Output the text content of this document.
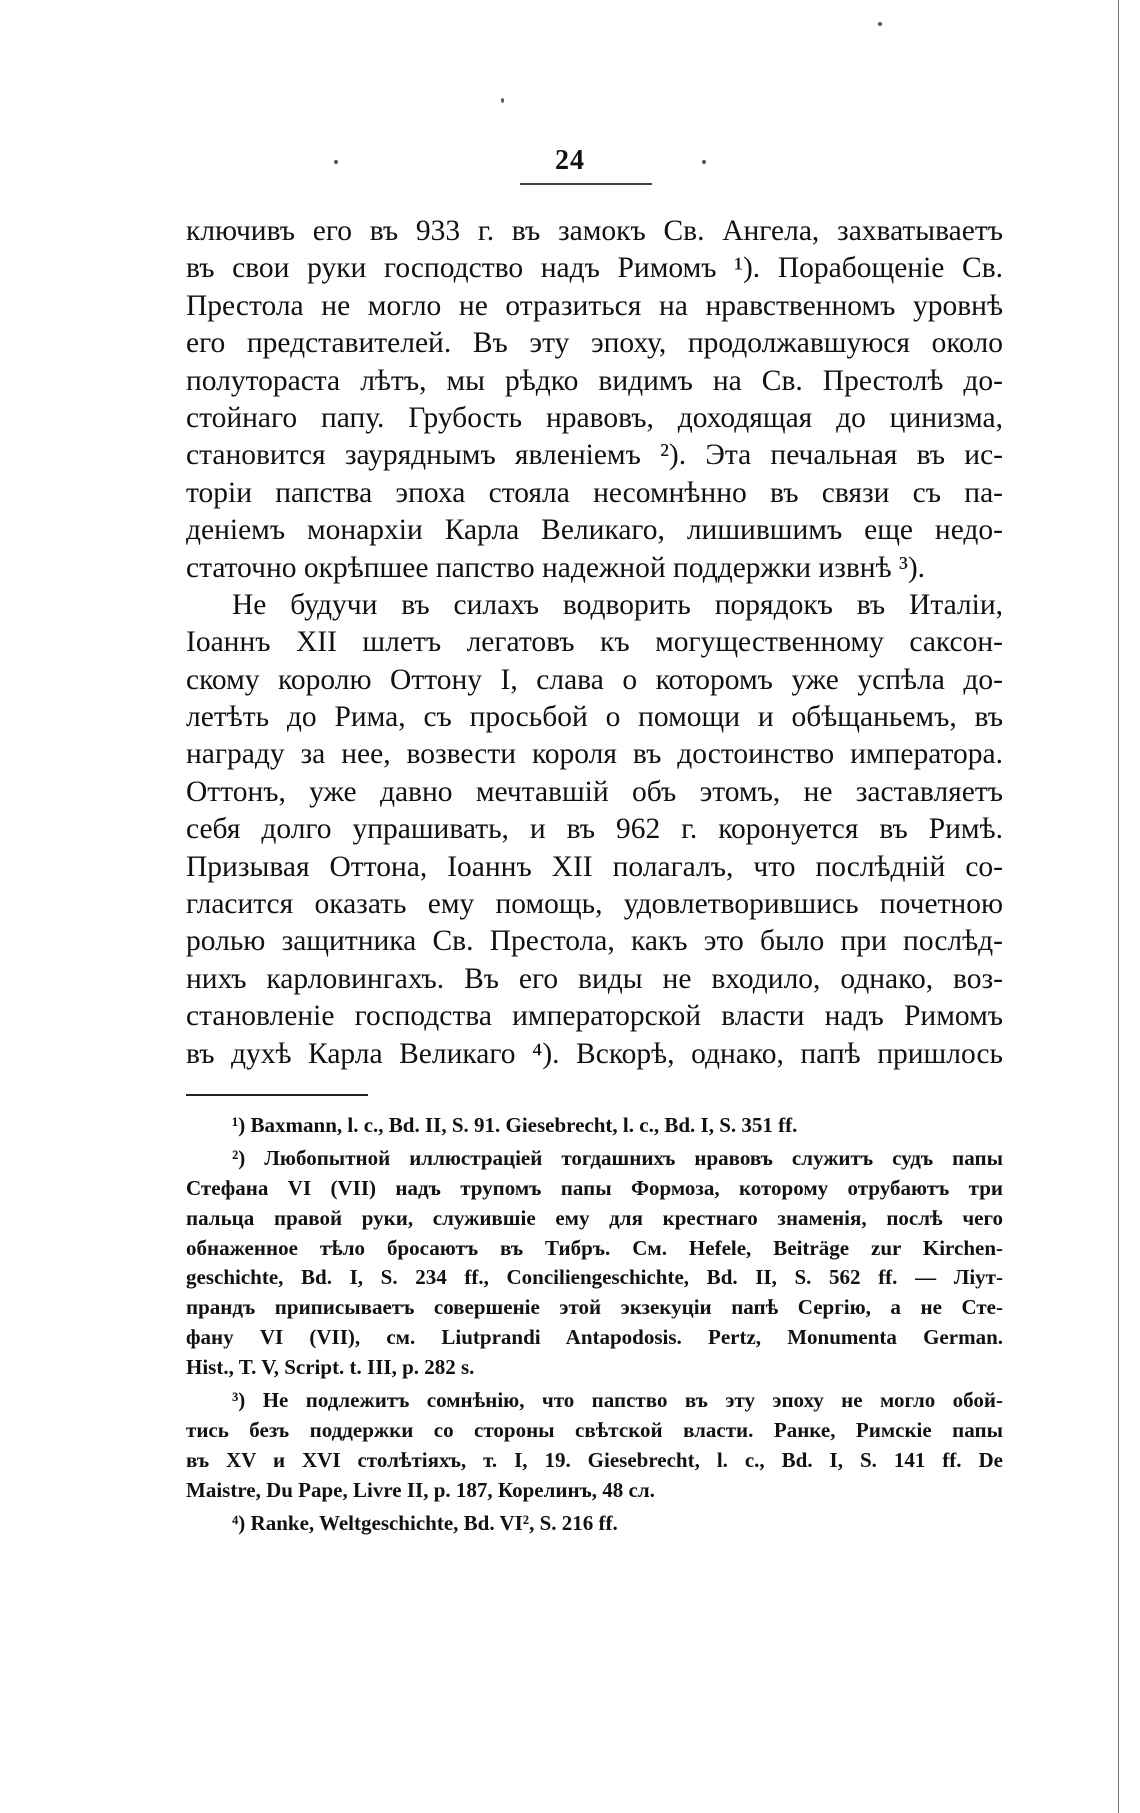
24
ключивъ его въ 933 г. въ замокъ Св. Ангела, захватываетъ
въ свои руки господство надъ Римомъ ¹). Порабощеніе Св.
Престола не могло не отразиться на нравственномъ уровнѣ
его представителей. Въ эту эпоху, продолжавшуюся около
полутораста лѣтъ, мы рѣдко видимъ на Св. Престолѣ до-
стойнаго папу. Грубость нравовъ, доходящая до цинизма,
становится зауряднымъ явленіемъ ²). Эта печальная въ ис-
торіи папства эпоха стояла несомнѣнно въ связи съ па-
деніемъ монархіи Карла Великаго, лишившимъ еще недо-
статочно окрѣпшее папство надежной поддержки извнѣ ³).
Не будучи въ силахъ водворить порядокъ въ Италіи,
Іоаннъ XII шлетъ легатовъ къ могущественному саксон-
скому королю Оттону I, слава о которомъ уже успѣла до-
летѣть до Рима, съ просьбой о помощи и обѣщаньемъ, въ
награду за нее, возвести короля въ достоинство императора.
Оттонъ, уже давно мечтавшій объ этомъ, не заставляетъ
себя долго упрашивать, и въ 962 г. коронуется въ Римѣ.
Призывая Оттона, Іоаннъ XII полагалъ, что послѣдній со-
гласится оказать ему помощь, удовлетворившись почетною
ролью защитника Св. Престола, какъ это было при послѣд-
нихъ карловингахъ. Въ его виды не входило, однако, воз-
становленіе господства императорской власти надъ Римомъ
въ духѣ Карла Великаго ⁴). Вскорѣ, однако, папѣ пришлось
¹) Baxmann, l. c., Bd. II, S. 91. Giesebrecht, l. c., Bd. I, S. 351 ff.
²) Любопытной иллюстраціей тогдашнихъ нравовъ служитъ судъ папы
Стефана VI (VII) надъ трупомъ папы Формоза, которому отрубаютъ три
пальца правой руки, служившіе ему для крестнаго знаменія, послѣ чего
обнаженное тѣло бросаютъ въ Тибръ. См. Hefele, Beiträge zur Kirchen-
geschichte, Bd. I, S. 234 ff., Conciliengeschichte, Bd. II, S. 562 ff. — Ліут-
прандъ приписываетъ совершеніе этой экзекуціи папѣ Сергію, а не Сте-
фану VI (VII), см. Liutprandi Antapodosis. Pertz, Monumenta German.
Hist., T. V, Script. t. III, p. 282 s.
³) Не подлежитъ сомнѣнію, что папство въ эту эпоху не могло обой-
тись безъ поддержки со стороны свѣтской власти. Ранке, Римскіе папы
въ XV и XVI столѣтіяхъ, т. I, 19. Giesebrecht, l. c., Bd. I, S. 141 ff. De
Maistre, Du Pape, Livre II, p. 187, Корелинъ, 48 сл.
⁴) Ranke, Weltgeschichte, Bd. VI², S. 216 ff.
